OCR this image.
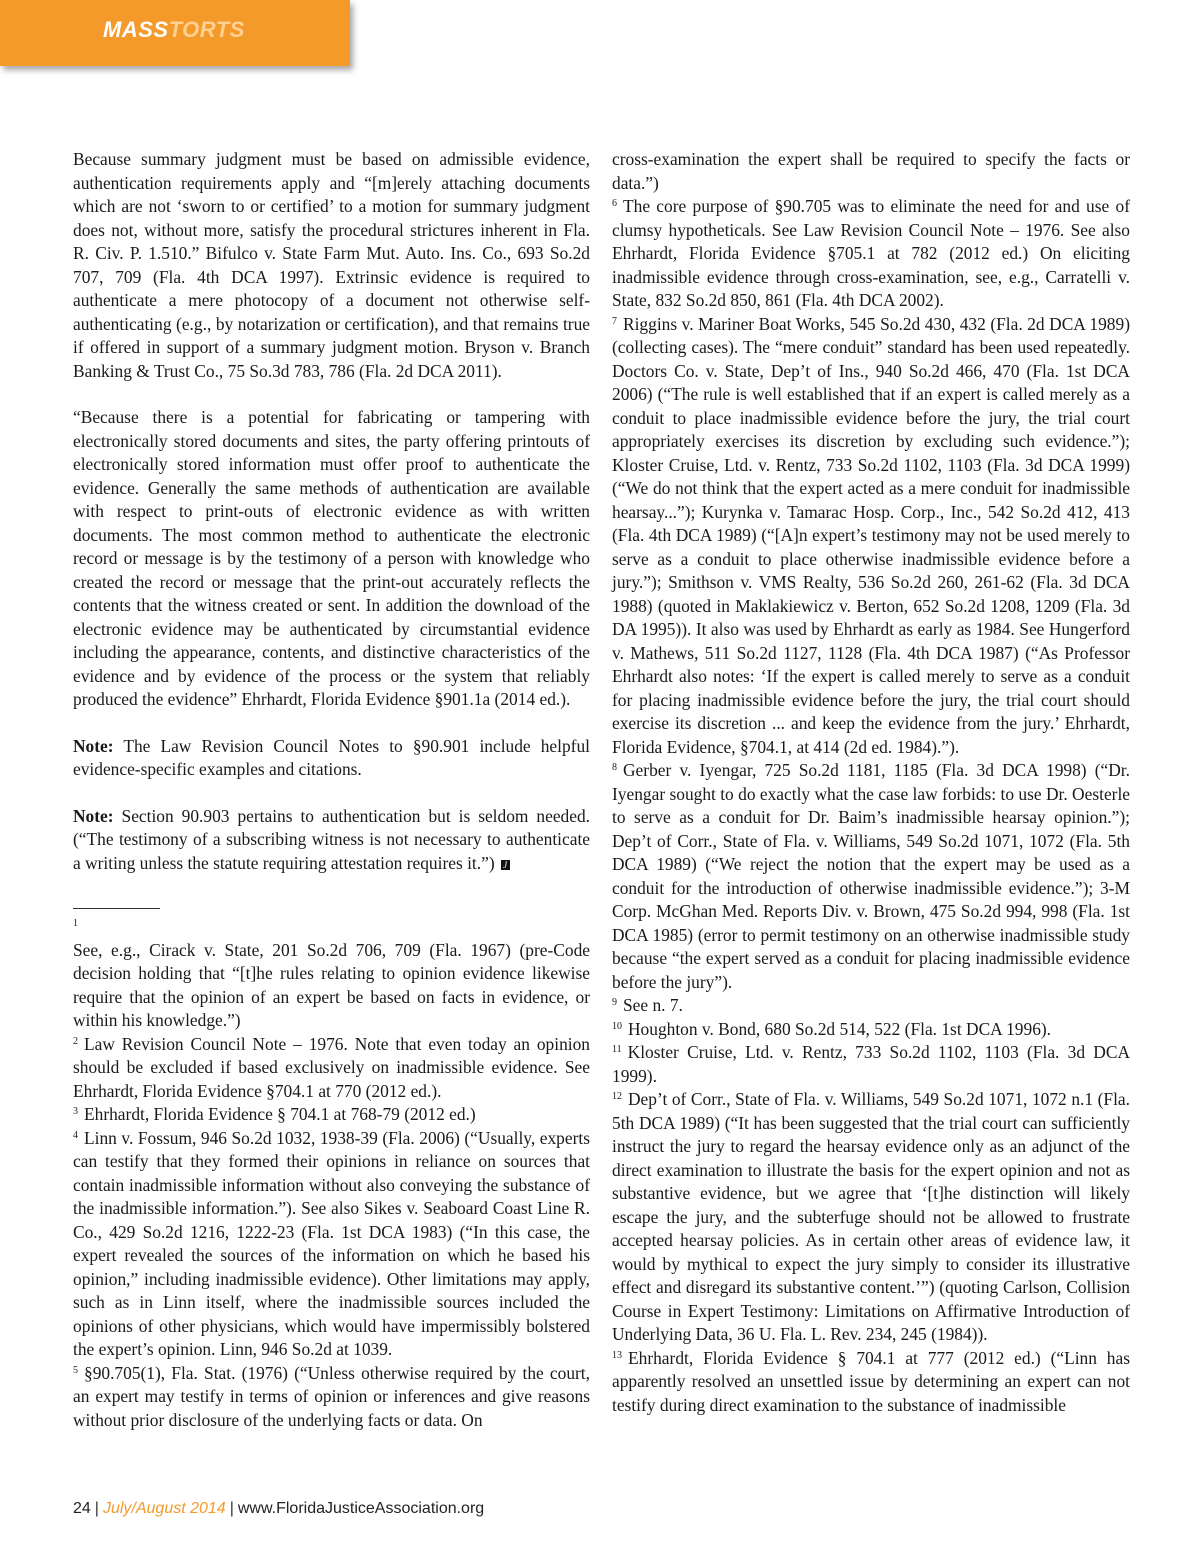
MASSTORTS

Because summary judgment must be based on admissible evidence, authentication requirements apply and “[m]erely attaching documents which are not ‘sworn to or certified’ to a motion for summary judgment does not, without more, satisfy the procedural strictures inherent in Fla. R. Civ. P. 1.510.” Bifulco v. State Farm Mut. Auto. Ins. Co., 693 So.2d 707, 709 (Fla. 4th DCA 1997). Extrinsic evidence is required to authenticate a mere photocopy of a document not otherwise self-authenticating (e.g., by notarization or certification), and that remains true if offered in support of a summary judgment motion. Bryson v. Branch Banking & Trust Co., 75 So.3d 783, 786 (Fla. 2d DCA 2011).

“Because there is a potential for fabricating or tampering with electronically stored documents and sites, the party offering printouts of electronically stored information must offer proof to authenticate the evidence. Generally the same methods of authentication are available with respect to print-outs of electronic evidence as with written documents. The most common method to authenticate the electronic record or message is by the testimony of a person with knowledge who created the record or message that the print-out accurately reflects the contents that the witness created or sent. In addition the download of the electronic evidence may be authenticated by circumstantial evidence including the appearance, contents, and distinctive characteristics of the evidence and by evidence of the process or the system that reliably produced the evidence” Ehrhardt, Florida Evidence §901.1a (2014 ed.).

Note: The Law Revision Council Notes to §90.901 include helpful evidence-specific examples and citations.

Note: Section 90.903 pertains to authentication but is seldom needed. (“The testimony of a subscribing witness is not necessary to authenticate a writing unless the statute requiring attestation requires it.”) J

$^1$
See, e.g., Cirack v. State, 201 So.2d 706, 709 (Fla. 1967) (pre-Code decision holding that “[t]he rules relating to opinion evidence likewise require that the opinion of an expert be based on facts in evidence, or within his knowledge.”)

$^2$ Law Revision Council Note – 1976. Note that even today an opinion should be excluded if based exclusively on inadmissible evidence. See Ehrhardt, Florida Evidence §704.1 at 770 (2012 ed.).

$^3$ Ehrhardt, Florida Evidence § 704.1 at 768-79 (2012 ed.)

$^4$ Linn v. Fossum, 946 So.2d 1032, 1938-39 (Fla. 2006) (“Usually, experts can testify that they formed their opinions in reliance on sources that contain inadmissible information without also conveying the substance of the inadmissible information.”). See also Sikes v. Seaboard Coast Line R. Co., 429 So.2d 1216, 1222-23 (Fla. 1st DCA 1983) (“In this case, the expert revealed the sources of the information on which he based his opinion,” including inadmissible evidence). Other limitations may apply, such as in Linn itself, where the inadmissible sources included the opinions of other physicians, which would have impermissibly bolstered the expert’s opinion. Linn, 946 So.2d at 1039.

$^5$ §90.705(1), Fla. Stat. (1976) (“Unless otherwise required by the court, an expert may testify in terms of opinion or inferences and give reasons without prior disclosure of the underlying facts or data. On

cross-examination the expert shall be required to specify the facts or data.”)

$^6$ The core purpose of §90.705 was to eliminate the need for and use of clumsy hypotheticals. See Law Revision Council Note – 1976. See also Ehrhardt, Florida Evidence §705.1 at 782 (2012 ed.) On eliciting inadmissible evidence through cross-examination, see, e.g., Carratelli v. State, 832 So.2d 850, 861 (Fla. 4th DCA 2002).

$^7$ Riggins v. Mariner Boat Works, 545 So.2d 430, 432 (Fla. 2d DCA 1989) (collecting cases). The “mere conduit” standard has been used repeatedly. Doctors Co. v. State, Dep’t of Ins., 940 So.2d 466, 470 (Fla. 1st DCA 2006) (“The rule is well established that if an expert is called merely as a conduit to place inadmissible evidence before the jury, the trial court appropriately exercises its discretion by excluding such evidence.”); Kloster Cruise, Ltd. v. Rentz, 733 So.2d 1102, 1103 (Fla. 3d DCA 1999) (“We do not think that the expert acted as a mere conduit for inadmissible hearsay...”); Kurynka v. Tamarac Hosp. Corp., Inc., 542 So.2d 412, 413 (Fla. 4th DCA 1989) (“[A]n expert’s testimony may not be used merely to serve as a conduit to place otherwise inadmissible evidence before a jury.”); Smithson v. VMS Realty, 536 So.2d 260, 261-62 (Fla. 3d DCA 1988) (quoted in Maklakiewicz v. Berton, 652 So.2d 1208, 1209 (Fla. 3d DA 1995)). It also was used by Ehrhardt as early as 1984. See Hungerford v. Mathews, 511 So.2d 1127, 1128 (Fla. 4th DCA 1987) (“As Professor Ehrhardt also notes: ‘If the expert is called merely to serve as a conduit for placing inadmissible evidence before the jury, the trial court should exercise its discretion ... and keep the evidence from the jury.’ Ehrhardt, Florida Evidence, §704.1, at 414 (2d ed. 1984).”).

$^8$ Gerber v. Iyengar, 725 So.2d 1181, 1185 (Fla. 3d DCA 1998) (“Dr. Iyengar sought to do exactly what the case law forbids: to use Dr. Oesterle to serve as a conduit for Dr. Baim’s inadmissible hearsay opinion.”); Dep’t of Corr., State of Fla. v. Williams, 549 So.2d 1071, 1072 (Fla. 5th DCA 1989) (“We reject the notion that the expert may be used as a conduit for the introduction of otherwise inadmissible evidence.”); 3-M Corp. McGhan Med. Reports Div. v. Brown, 475 So.2d 994, 998 (Fla. 1st DCA 1985) (error to permit testimony on an otherwise inadmissible study because “the expert served as a conduit for placing inadmissible evidence before the jury”).

$^9$ See n. 7.

$^{10}$ Houghton v. Bond, 680 So.2d 514, 522 (Fla. 1st DCA 1996).

$^{11}$ Kloster Cruise, Ltd. v. Rentz, 733 So.2d 1102, 1103 (Fla. 3d DCA 1999).

$^{12}$ Dep’t of Corr., State of Fla. v. Williams, 549 So.2d 1071, 1072 n.1 (Fla. 5th DCA 1989) (“It has been suggested that the trial court can sufficiently instruct the jury to regard the hearsay evidence only as an adjunct of the direct examination to illustrate the basis for the expert opinion and not as substantive evidence, but we agree that ‘[t]he distinction will likely escape the jury, and the subterfuge should not be allowed to frustrate accepted hearsay policies. As in certain other areas of evidence law, it would by mythical to expect the jury simply to consider its illustrative effect and disregard its substantive content.’”) (quoting Carlson, Collision Course in Expert Testimony: Limitations on Affirmative Introduction of Underlying Data, 36 U. Fla. L. Rev. 234, 245 (1984)).

$^{13}$ Ehrhardt, Florida Evidence § 704.1 at 777 (2012 ed.) (“Linn has apparently resolved an unsettled issue by determining an expert can not testify during direct examination to the substance of inadmissible

24 | July/August 2014 | www.FloridaJusticeAssociation.org
